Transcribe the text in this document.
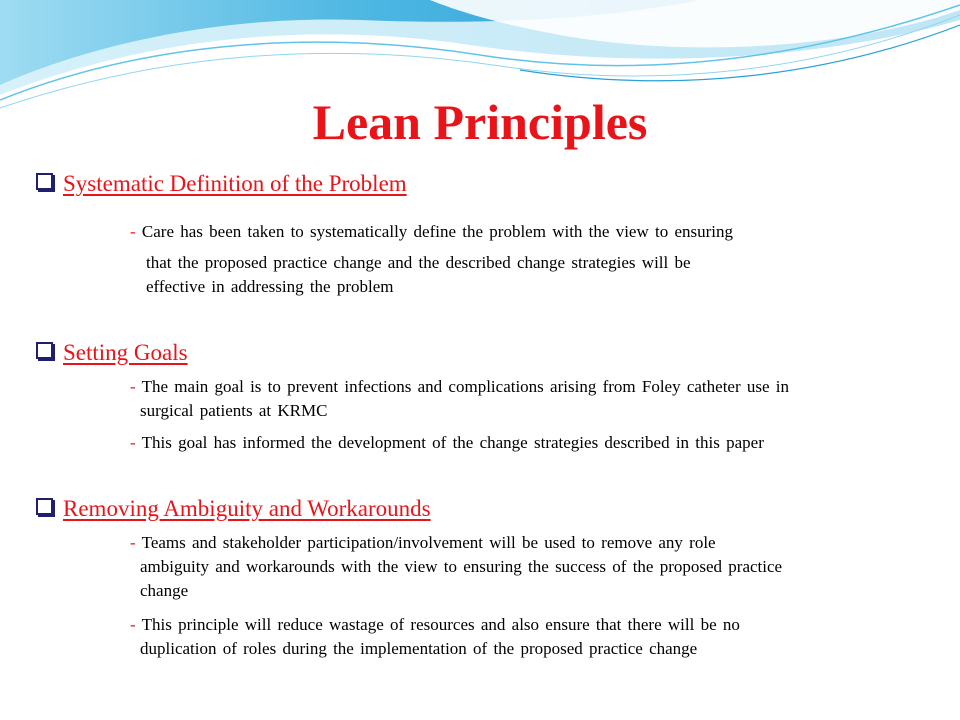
Lean Principles
Systematic Definition of the Problem
- Care has been taken to systematically define the problem with the view to ensuring
that the proposed practice change and the described change strategies will be
effective in addressing the problem
Setting Goals
- The main goal is to prevent infections and complications arising from Foley catheter use in
surgical patients at KRMC
- This goal has informed the development of the change strategies described in this paper
Removing Ambiguity and Workarounds
- Teams and stakeholder participation/involvement will be used to remove any role
ambiguity and workarounds with the view to ensuring the success of the proposed practice
change
- This principle will reduce wastage of resources and also ensure that there will be no
duplication of roles during the implementation of the proposed practice change
